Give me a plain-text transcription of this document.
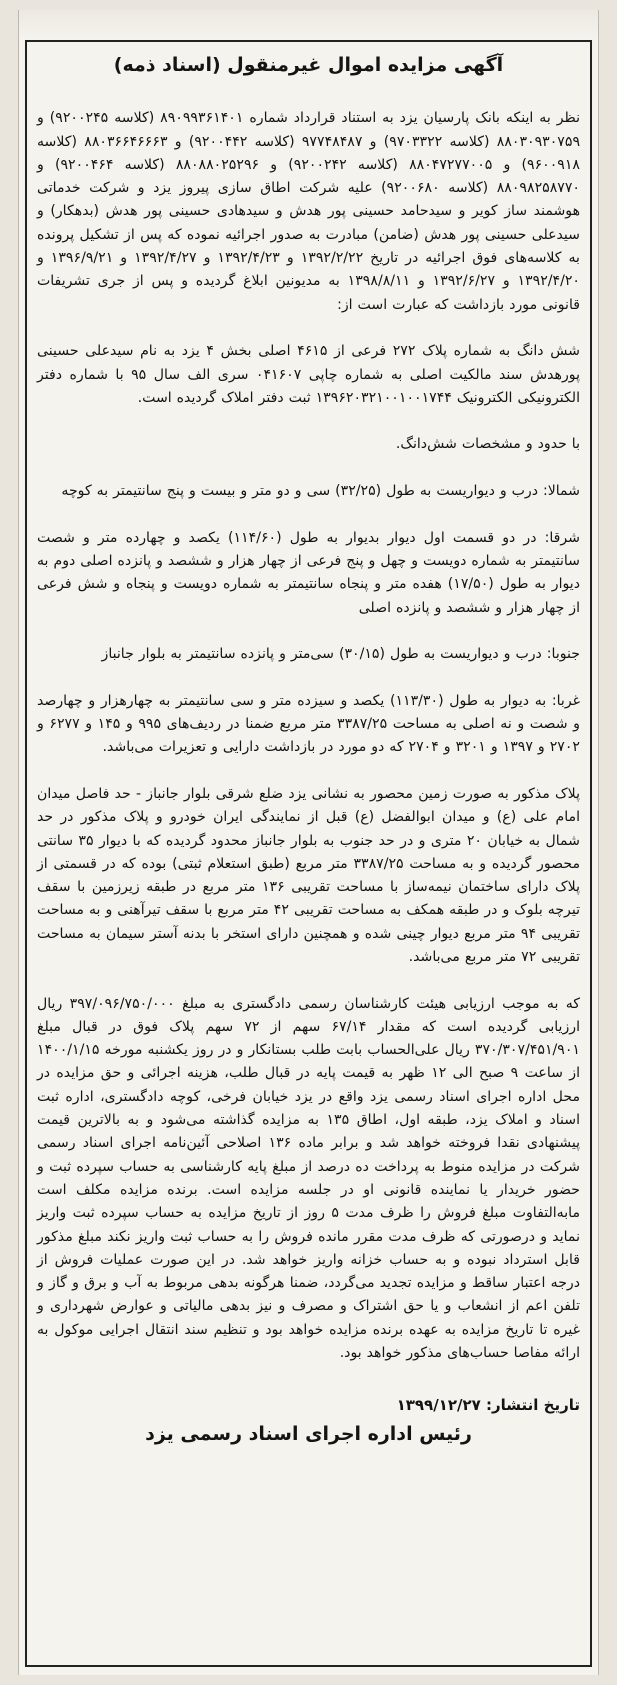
آگهی مزایده اموال غیرمنقول (اسناد ذمه)

نظر به اینکه بانک پارسیان یزد به استناد قرارداد شماره ۸۹۰۹۹۳۶۱۴۰۱ (کلاسه ۹۲۰۰۲۴۵) و ۸۸۰۳۰۹۳۰۷۵۹ (کلاسه ۹۷۰۳۳۲۲) و ۹۷۷۴۸۴۸۷ (کلاسه ۹۲۰۰۴۴۲) و ۸۸۰۳۶۶۴۶۶۶۳ (کلاسه ۹۶۰۰۹۱۸) و ۸۸۰۴۷۲۷۷۰۰۵ (کلاسه ۹۲۰۰۲۴۲) و ۸۸۰۸۸۰۲۵۲۹۶ (کلاسه ۹۲۰۰۴۶۴) و ۸۸۰۹۸۲۵۸۷۷۰ (کلاسه ۹۲۰۰۶۸۰) علیه شرکت اطاق سازی پیروز یزد و شرکت خدماتی هوشمند ساز کویر و سیدحامد حسینی پور هدش و سیدهادی حسینی پور هدش (بدهکار) و سیدعلی حسینی پور هدش (ضامن) مبادرت به صدور اجرائیه نموده که پس از تشکیل پرونده به کلاسه‌های فوق اجرائیه در تاریخ ۱۳۹۲/۲/۲۲ و ۱۳۹۲/۴/۲۳ و ۱۳۹۲/۴/۲۷ و ۱۳۹۶/۹/۲۱ و ۱۳۹۲/۴/۲۰ و ۱۳۹۲/۶/۲۷ و ۱۳۹۸/۸/۱۱ به مدیونین ابلاغ گردیده و پس از جری تشریفات قانونی مورد بازداشت که عبارت است از:

شش دانگ به شماره پلاک ۲۷۲ فرعی از ۴۶۱۵ اصلی بخش ۴ یزد به نام سیدعلی حسینی پورهدش سند مالکیت اصلی به شماره چاپی ۰۴۱۶۰۷ سری الف سال ۹۵ با شماره دفتر الکترونیکی الکترونیک ۱۳۹۶۲۰۳۲۱۰۰۱۰۰۱۷۴۴ ثبت دفتر املاک گردیده است.

با حدود و مشخصات شش‌دانگ.

شمالا: درب و دیواریست به طول (۳۲/۲۵) سی و دو متر و بیست و پنج سانتیمتر به کوچه

شرقا: در دو قسمت اول دیوار بدیوار به طول (۱۱۴/۶۰) یکصد و چهارده متر و شصت سانتیمتر به شماره دویست و چهل و پنج فرعی از چهار هزار و ششصد و پانزده اصلی دوم به دیوار به طول (۱۷/۵۰) هفده متر و پنجاه سانتیمتر به شماره دویست و پنجاه و شش فرعی از چهار هزار و ششصد و پانزده اصلی

جنوبا: درب و دیواریست به طول (۳۰/۱۵) سی‌متر و پانزده سانتیمتر به بلوار جانباز

غربا: به دیوار به طول (۱۱۳/۳۰) یکصد و سیزده متر و سی سانتیمتر به چهارهزار و چهارصد و شصت و نه اصلی به مساحت ۳۳۸۷/۲۵ متر مربع ضمنا در ردیف‌های ۹۹۵ و ۱۴۵ و ۶۲۷۷ و ۲۷۰۲ و ۱۳۹۷ و ۳۲۰۱ و ۲۷۰۴ که دو مورد در بازداشت دارایی و تعزیرات می‌باشد.

پلاک مذکور به صورت زمین محصور به نشانی یزد ضلع شرقی بلوار جانباز - حد فاصل میدان امام علی (ع) و میدان ابوالفضل (ع) قبل از نمایندگی ایران خودرو و پلاک مذکور در حد شمال به خیابان ۲۰ متری و در حد جنوب به بلوار جانباز محدود گردیده که با دیوار ۳۵ سانتی محصور گردیده و به مساحت ۳۳۸۷/۲۵ متر مربع (طبق استعلام ثبتی) بوده که در قسمتی از پلاک دارای ساختمان نیمه‌ساز با مساحت تقریبی ۱۳۶ متر مربع در طبقه زیرزمین با سقف تیرچه بلوک و در طبقه همکف به مساحت تقریبی ۴۲ متر مربع با سقف تیرآهنی و به مساحت تقریبی ۹۴ متر مربع دیوار چینی شده و همچنین دارای استخر با بدنه آستر سیمان به مساحت تقریبی ۷۲ متر مربع می‌باشد.

که به موجب ارزیابی هیئت کارشناسان رسمی دادگستری به مبلغ ۳۹۷/۰۹۶/۷۵۰/۰۰۰ ریال ارزیابی گردیده است که مقدار ۶۷/۱۴ سهم از ۷۲ سهم پلاک فوق در قبال مبلغ ۳۷۰/۳۰۷/۴۵۱/۹۰۱ ریال علی‌الحساب بابت طلب بستانکار و در روز یکشنبه مورخه ۱۴۰۰/۱/۱۵ از ساعت ۹ صبح الی ۱۲ ظهر به قیمت پایه در قبال طلب، هزینه اجرائی و حق مزایده در محل اداره اجرای اسناد رسمی یزد واقع در یزد خیابان فرخی، کوچه دادگستری، اداره ثبت اسناد و املاک یزد، طبقه اول، اطاق ۱۳۵ به مزایده گذاشته می‌شود و به بالاترین قیمت پیشنهادی نقدا فروخته خواهد شد و برابر ماده ۱۳۶ اصلاحی آئین‌نامه اجرای اسناد رسمی شرکت در مزایده منوط به پرداخت ده درصد از مبلغ پایه کارشناسی به حساب سپرده ثبت و حضور خریدار یا نماینده قانونی او در جلسه مزایده است. برنده مزایده مکلف است مابه‌التفاوت مبلغ فروش را ظرف مدت ۵ روز از تاریخ مزایده به حساب سپرده ثبت واریز نماید و درصورتی که ظرف مدت مقرر مانده فروش را به حساب ثبت واریز نکند مبلغ مذکور قابل استرداد نبوده و به حساب خزانه واریز خواهد شد. در این صورت عملیات فروش از درجه اعتبار ساقط و مزایده تجدید می‌گردد، ضمنا هرگونه بدهی مربوط به آب و برق و گاز و تلفن اعم از انشعاب و یا حق اشتراک و مصرف و نیز بدهی مالیاتی و عوارض شهرداری و غیره تا تاریخ مزایده به عهده برنده مزایده خواهد بود و تنظیم سند انتقال اجرایی موکول به ارائه مفاصا حساب‌های مذکور خواهد بود.

تاریخ انتشار: ۱۳۹۹/۱۲/۲۷
رئیس اداره اجرای اسناد رسمی یزد
